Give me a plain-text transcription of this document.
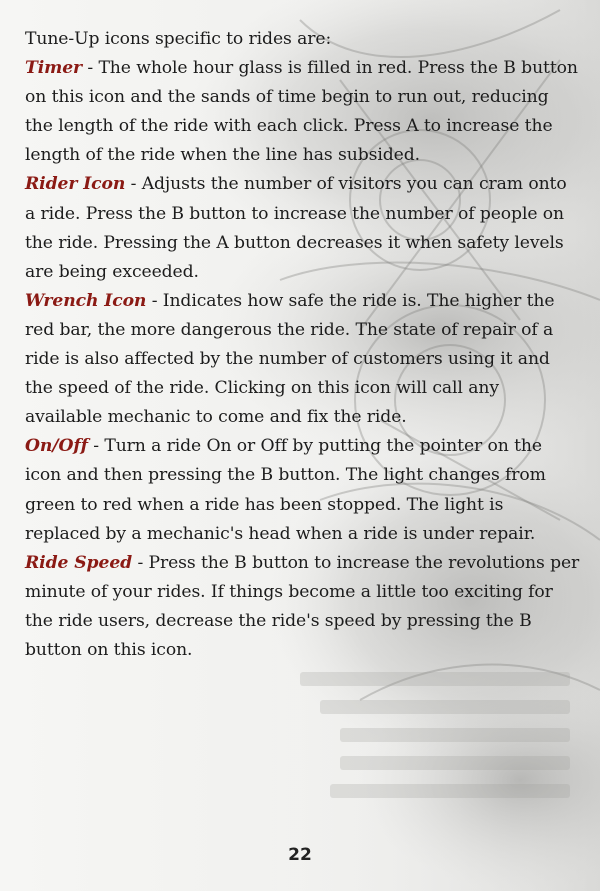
Tune-Up icons specific to rides are:

Timer - The whole hour glass is filled in red. Press the B button on this icon and the sands of time begin to run out, reducing the length of the ride with each click. Press A to increase the length of the ride when the line has subsided.

Rider Icon - Adjusts the number of visitors you can cram onto a ride. Press the B button to increase the number of people on the ride. Pressing the A button decreases it when safety levels are being exceeded.

Wrench Icon - Indicates how safe the ride is. The higher the red bar, the more dangerous the ride. The state of repair of a ride is also affected by the number of customers using it and the speed of the ride. Clicking on this icon will call any available mechanic to come and fix the ride.

On/Off - Turn a ride On or Off by putting the pointer on the icon and then pressing the B button. The light changes from green to red when a ride has been stopped. The light is replaced by a mechanic's head when a ride is under repair.

Ride Speed - Press the B button to increase the revolutions per minute of your rides. If things become a little too exciting for the ride users, decrease the ride's speed by pressing the B button on this icon.

22
